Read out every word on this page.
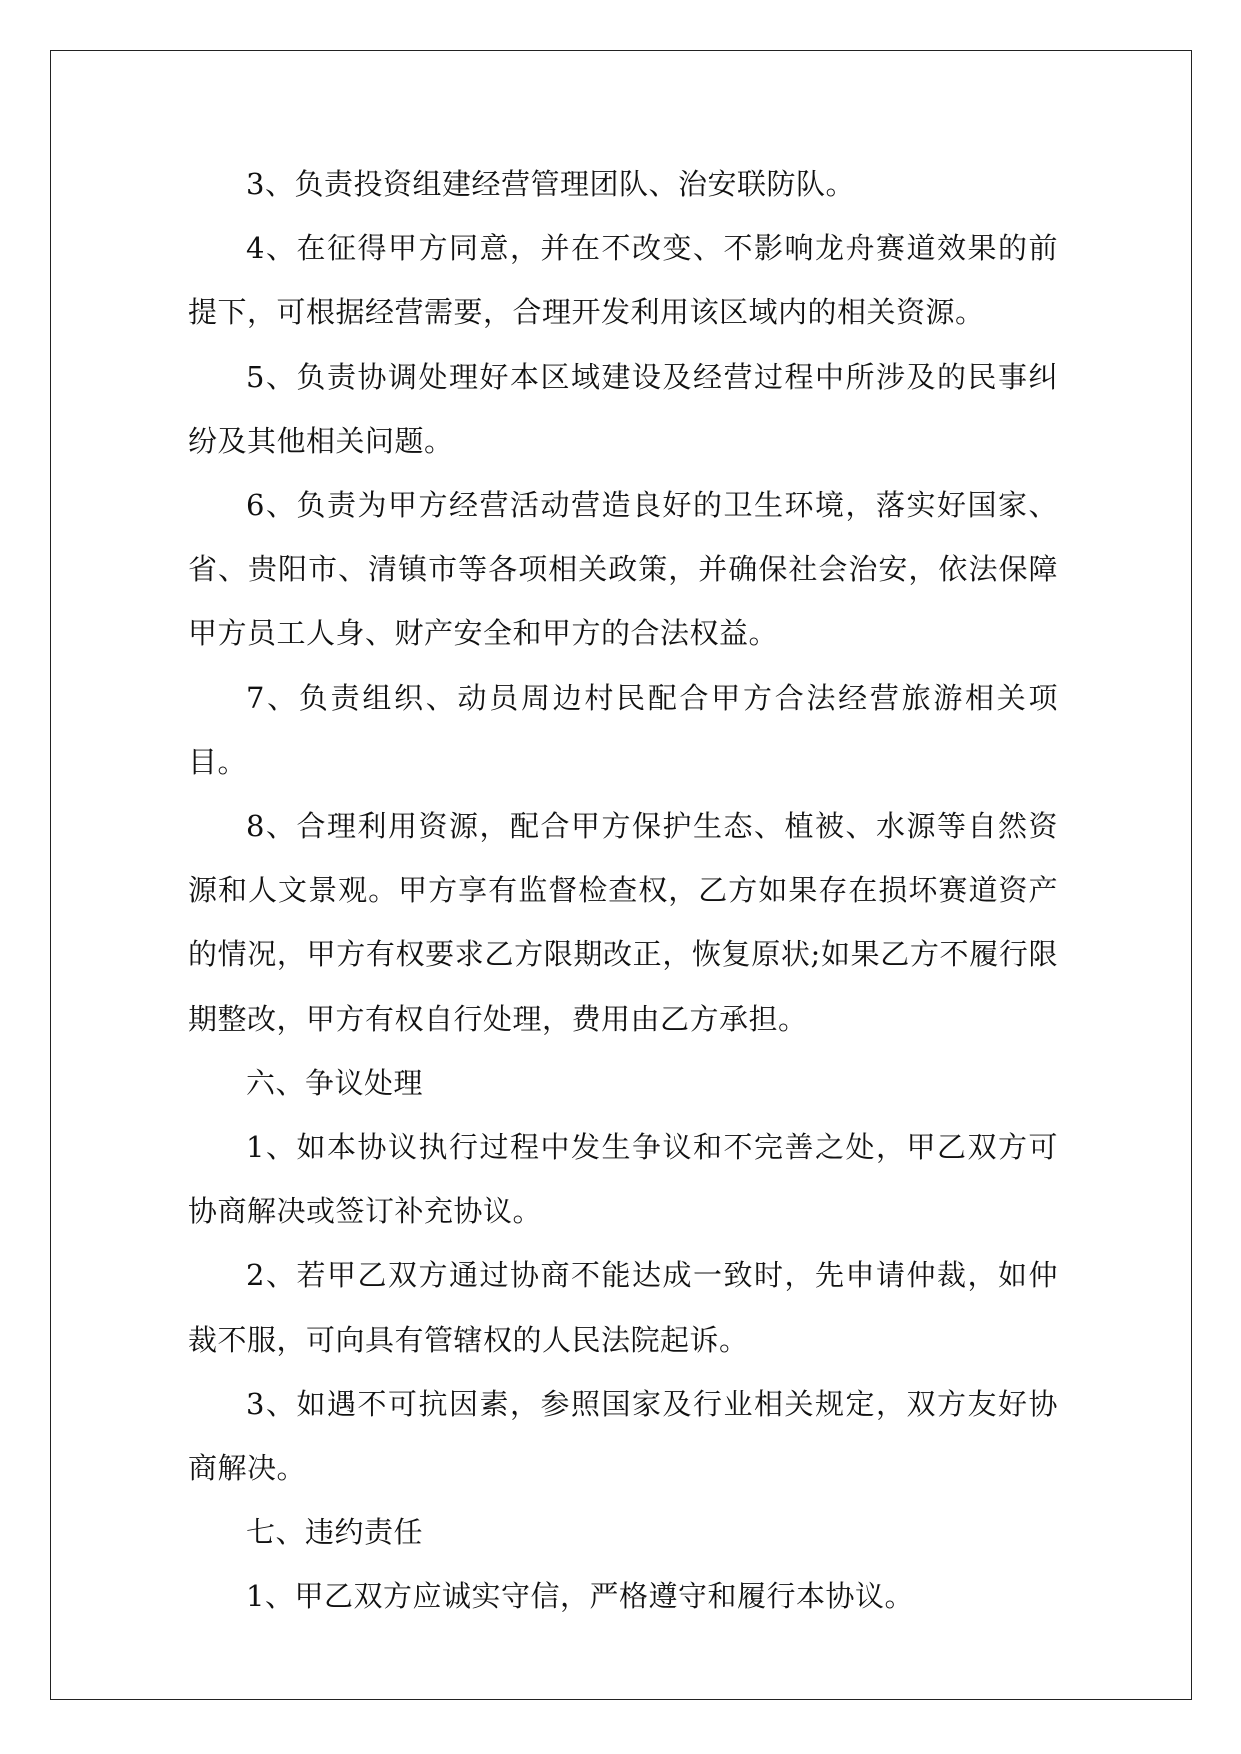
3、负责投资组建经营管理团队、治安联防队。

4、在征得甲方同意，并在不改变、不影响龙舟赛道效果的前提下，可根据经营需要，合理开发利用该区域内的相关资源。

5、负责协调处理好本区域建设及经营过程中所涉及的民事纠纷及其他相关问题。

6、负责为甲方经营活动营造良好的卫生环境，落实好国家、省、贵阳市、清镇市等各项相关政策，并确保社会治安，依法保障甲方员工人身、财产安全和甲方的合法权益。

7、负责组织、动员周边村民配合甲方合法经营旅游相关项目。

8、合理利用资源，配合甲方保护生态、植被、水源等自然资源和人文景观。甲方享有监督检查权，乙方如果存在损坏赛道资产的情况，甲方有权要求乙方限期改正，恢复原状;如果乙方不履行限期整改，甲方有权自行处理，费用由乙方承担。

六、争议处理

1、如本协议执行过程中发生争议和不完善之处，甲乙双方可协商解决或签订补充协议。

2、若甲乙双方通过协商不能达成一致时，先申请仲裁，如仲裁不服，可向具有管辖权的人民法院起诉。

3、如遇不可抗因素，参照国家及行业相关规定，双方友好协商解决。

七、违约责任

1、甲乙双方应诚实守信，严格遵守和履行本协议。
